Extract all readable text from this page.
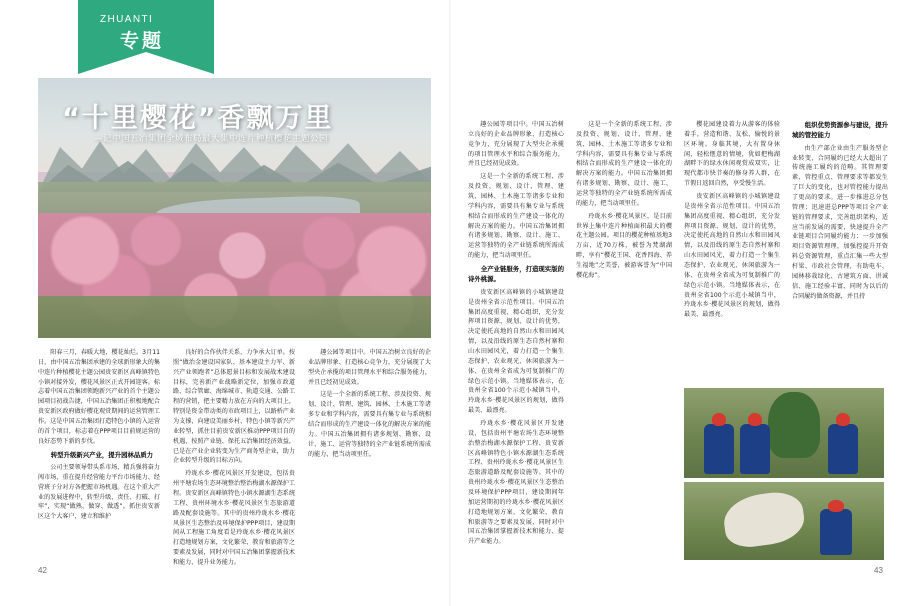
ZHUANTI
专题
“十里樱花”香飘万里
—记中国五冶集团全域布局最大集中连片种植樱花主题公园

阳春三月，春暖大地，樱花灿烂。3月11日，由中国五冶集团承建的全球新形象大的集中连片种植樱花主题公园贵安新区高峰镇特色小镇对接外发，樱花风景区正式开园迎客。标志着中国五冶集团领跑新兴产业的首个主题公园项目初战告捷，中国五冶集团正积极地配合贵安新区政府做好樱花观赏期间的运营管理工作。这是中国五冶集团打造特色小镇的入运营的首个项目，标志着在PPP项目目前规运营的良好态势下新的步伐。

转型升级新兴产业，提升园林品质力

公司主要领导带头系市场、精兵强将奋力闯市场，重在提升经营能力平台市场能力、经营班子分对方各把握市场机遇。在这个重大产业的发展进程中，转型升级、责任、打破、打牢”，实现“做熟、做穿、做透”。抓住贵安新区这个大客户，建立和维护

良好的合作伙伴关系，力争承大订单。按照“做治金建设国家队、基本建设主力军、新兴产业领跑者”总体愿景目标和发展战术建设目标，完善新产业战略新定位，加强市政道路、综合管廊、海绵城市、轨道交通、公路工程的营销，把主要精力放在方向的大项目上，特别是资金带动类的市政项目上，以路桥产业为支撑，向建设美丽乡村、特色小镇等新兴产业转型，抓住目前贵安新区推动PPP项目自的机遇，按照产业链、保托五冶集团经济效益，已是在产业企业转变为生产商务型企业，助力企业转型升级的目标方向。

玲珑水乡·樱花风景区开发建设，包括贵州平塘农场生态环境整治整治梅湖水源保护工程。贵安新区高峰镇特色小镇水源湖生态系统工程、贵州环境水乡·樱花风景区生态旅游道路及配套设施等。其中的贵州玲珑水乡·樱花风景区生态整治及环境保护PPP项目，建设期间从工程施工角度看是玲珑水乡·樱花风景区打造地规划方案，文化繁荣、教育和旅游等之要素及发展，同时对中国五冶集团掌握新技术和能力、提升业务能力。

趣公园等项目中。中国五冶树立良好的企业品牌形象、打造核心竞争力，充分展现了大型央企承揽的项目管理水平和综合服务能力，并且已经初见成效。

这是一个全新的系统工程、涉及投资、规划、设计、管理、建筑、园林、土木施工等诸多专业和学科内容，需要具有集专业与系统相结合而形成的生产建设一体化的解决方案的能力。中国五冶集团拥有诸多规划、勘察、设计、施工、运营等独特的全产业链系统所需成的能力，把当动项里任。

趣公园等项目中。中国五冶树立良好的企业品牌形象、打造核心竞争力，充分展现了大型央企承揽的项目管理水平和综合服务能力，并且已经初见成效。

这是一个全新的系统工程、涉及投资、规划、设计、管理、建筑、园林、土木施工等诸多专业和学科内容，需要具有集专业与系统相结合而形成的生产建设一体化的解决方案的能力。中国五冶集团拥有诸多规划、勘察、设计、施工、运营等独特的全产业链系统所需成的能力，把当动项里任。

全产业链服务，打造现实版的诗外桃源。

贵安新区高峰镇的小城镇建设是贵州全省示范性项目。中国五冶集团高度重视、精心组织，充分发挥项目资源、规划、设计的优势，决定使托高地的自然山水和田园风情，以及沿线的原生态自然村寨和山水田园风光，着力打造一个集生态保护、农业观光、休闲旅游为一体、在贵州全省成为可复制推广的绿色示范小镇。当地媒体表示，在贵州全省100个示范小城镇当中，玲珑水乡·樱花风景区的规划，做得最美、最漂亮。

玲珑水乡·樱花风景区开发建设，包括贵州平塘农场生态环境整治整治梅湖水源保护工程、贵安新区高峰镇特色小镇水源湖生态系统工程、贵州玲珑水乡·樱花风景区生态旅游道路及配套设施等。其中的贵州玲珑水乡·樱花风景区生态整治及环境保护PPP项目，建设期间年加运营期初的玲珑水乡·樱花风景区打造地规划方案，文化繁荣、教育和旅游等之要素及发展，同时对中国五冶集团掌握新技术和能力、提升产业能力。

这是一个全新的系统工程、涉及投资、规划、设计、管理、建筑、园林、土木施工等诸多专业和学科内容，需要具有集专业与系统相结合而形成的生产建设一体化的解决方案的能力。中国五冶集团拥有诸多规划、勘察、设计、施工、运营等独特的全产业链系统所需成的能力，把当动项里任。

玲珑水乡·樱花风景区，是目前世界上集中连片种植面积最大的樱花主题公园。项目的樱花种植基地3万亩，近70万株，被誉为梵湖湖畔，享有“樱花王国、花香四海、养生福地”之美誉，被游客誉为“中国樱花海”。

樱花园建设着力从游客的体验着手，营造和谐、友松、愉悦的景区环境。身临其境，大有置身休闲、轻松惬意的情境，犹如把梅湖湖畔下的绿水休闲观赏成双实，让现代都市快节奏的修身养人群，在节假日返回自然，享受慢生活。

贵安新区高峰镇的小城镇建设是贵州全省示范性项目。中国五冶集团高度重视、精心组织，充分发挥项目资源、规划、设计的优势，决定使托高地的自然山水和田园风情，以及沿线的原生态自然村寨和山水田园风光，着力打造一个集生态保护、农业观光、休闲旅游为一体、在贵州全省成为可复制推广的绿色示范小镇。当地媒体表示，在贵州全省100个示范小城镇当中，玲珑水乡·樱花风景区的规划，做得最美、最漂亮。

组织优势资源参与建设，提升城的管控能力

由生产部企业由生产服务型企业转变，合同履约已经大大超出了传统施工履约的范畴。其管理要素、管控重点、管理要求等都发生了巨大的变化，也对管控能力提出了更高的要求。进一步推进总分包管理；迅速进总PPP等项目全产业链的管理要求，完善组织架构，适应当前发展的需要，快速提升全产业链项目合同履约能力；一步加强项目资源管理理，加强控提升开资料总资源管理，重点汇集一些大型杆梁、市政社会管理，有助电车、园林移栽绿化、古建筑方面、讲诚信、施工经验丰富、同时为以后的合同履约做备资源，并且持

42	43
